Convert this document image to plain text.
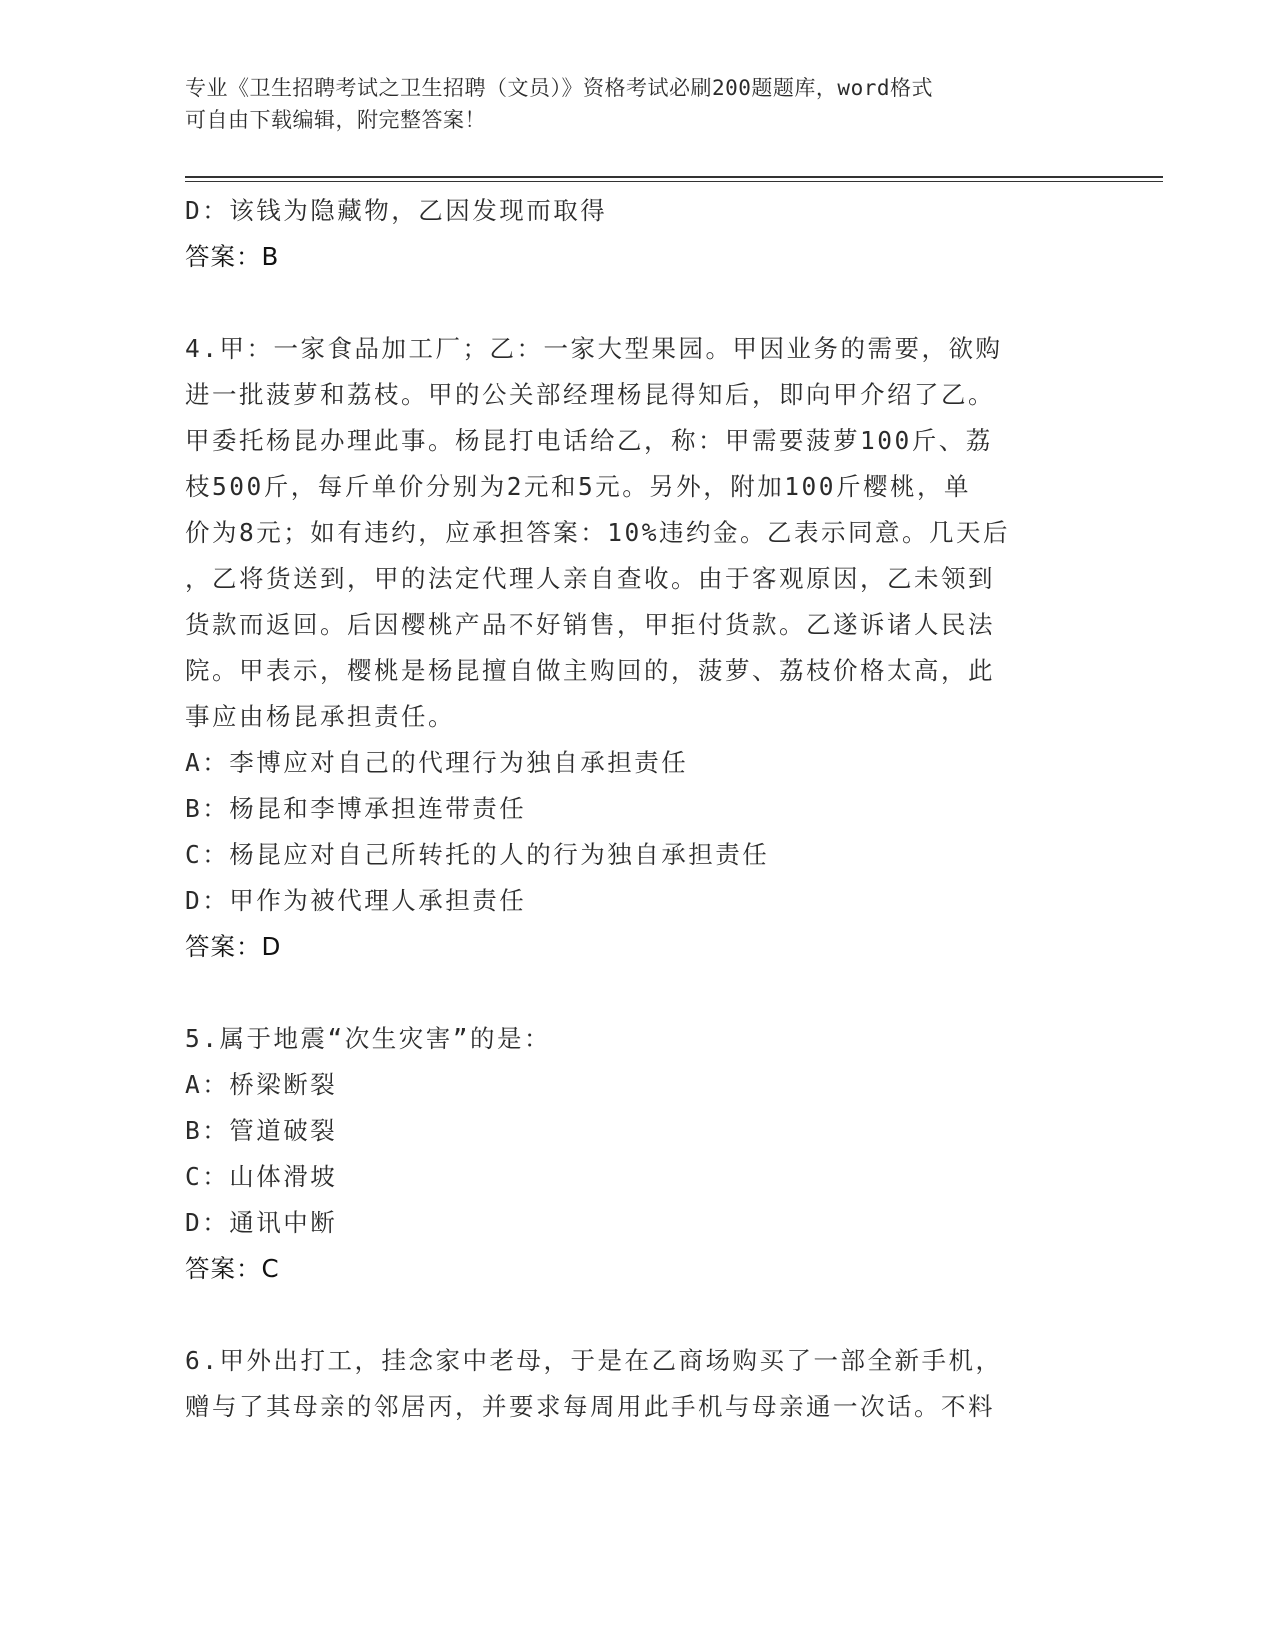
专业《卫生招聘考试之卫生招聘（文员）》资格考试必刷200题题库，word格式
可自由下载编辑，附完整答案！
D：该钱为隐藏物，乙因发现而取得
答案：B
4.甲：一家食品加工厂；乙：一家大型果园。甲因业务的需要，欲购
进一批菠萝和荔枝。甲的公关部经理杨昆得知后，即向甲介绍了乙。
甲委托杨昆办理此事。杨昆打电话给乙，称：甲需要菠萝100斤、荔
枝500斤，每斤单价分别为2元和5元。另外，附加100斤樱桃，单
价为8元；如有违约，应承担答案：10%违约金。乙表示同意。几天后
，乙将货送到，甲的法定代理人亲自查收。由于客观原因，乙未领到
货款而返回。后因樱桃产品不好销售，甲拒付货款。乙遂诉诸人民法
院。甲表示，樱桃是杨昆擅自做主购回的，菠萝、荔枝价格太高，此
事应由杨昆承担责任。
A：李博应对自己的代理行为独自承担责任
B：杨昆和李博承担连带责任
C：杨昆应对自己所转托的人的行为独自承担责任
D：甲作为被代理人承担责任
答案：D
5.属于地震“次生灾害”的是：
A：桥梁断裂
B：管道破裂
C：山体滑坡
D：通讯中断
答案：C
6.甲外出打工，挂念家中老母，于是在乙商场购买了一部全新手机，
赠与了其母亲的邻居丙，并要求每周用此手机与母亲通一次话。不料
